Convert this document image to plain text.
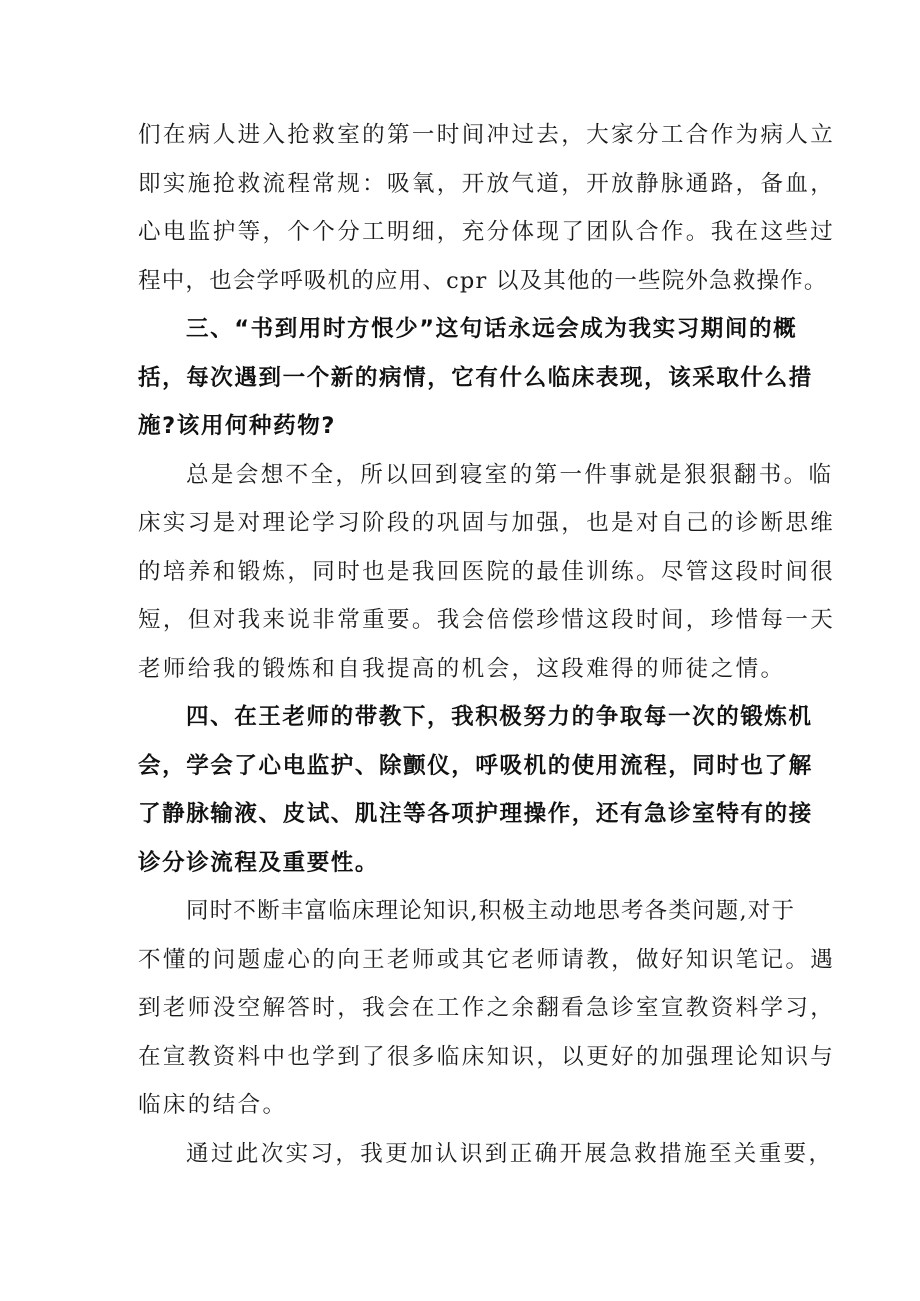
们在病人进入抢救室的第一时间冲过去，大家分工合作为病人立
即实施抢救流程常规：吸氧，开放气道，开放静脉通路，备血，
心电监护等，个个分工明细，充分体现了团队合作。我在这些过
程中，也会学呼吸机的应用、cpr 以及其他的一些院外急救操作。
三、“书到用时方恨少”这句话永远会成为我实习期间的概
括，每次遇到一个新的病情，它有什么临床表现，该采取什么措
施?该用何种药物?
总是会想不全，所以回到寝室的第一件事就是狠狠翻书。临
床实习是对理论学习阶段的巩固与加强，也是对自己的诊断思维
的培养和锻炼，同时也是我回医院的最佳训练。尽管这段时间很
短，但对我来说非常重要。我会倍偿珍惜这段时间，珍惜每一天
老师给我的锻炼和自我提高的机会，这段难得的师徒之情。
四、在王老师的带教下，我积极努力的争取每一次的锻炼机
会，学会了心电监护、除颤仪，呼吸机的使用流程，同时也了解
了静脉输液、皮试、肌注等各项护理操作，还有急诊室特有的接
诊分诊流程及重要性。
同时不断丰富临床理论知识,积极主动地思考各类问题,对于
不懂的问题虚心的向王老师或其它老师请教，做好知识笔记。遇
到老师没空解答时，我会在工作之余翻看急诊室宣教资料学习，
在宣教资料中也学到了很多临床知识，以更好的加强理论知识与
临床的结合。
通过此次实习，我更加认识到正确开展急救措施至关重要，
